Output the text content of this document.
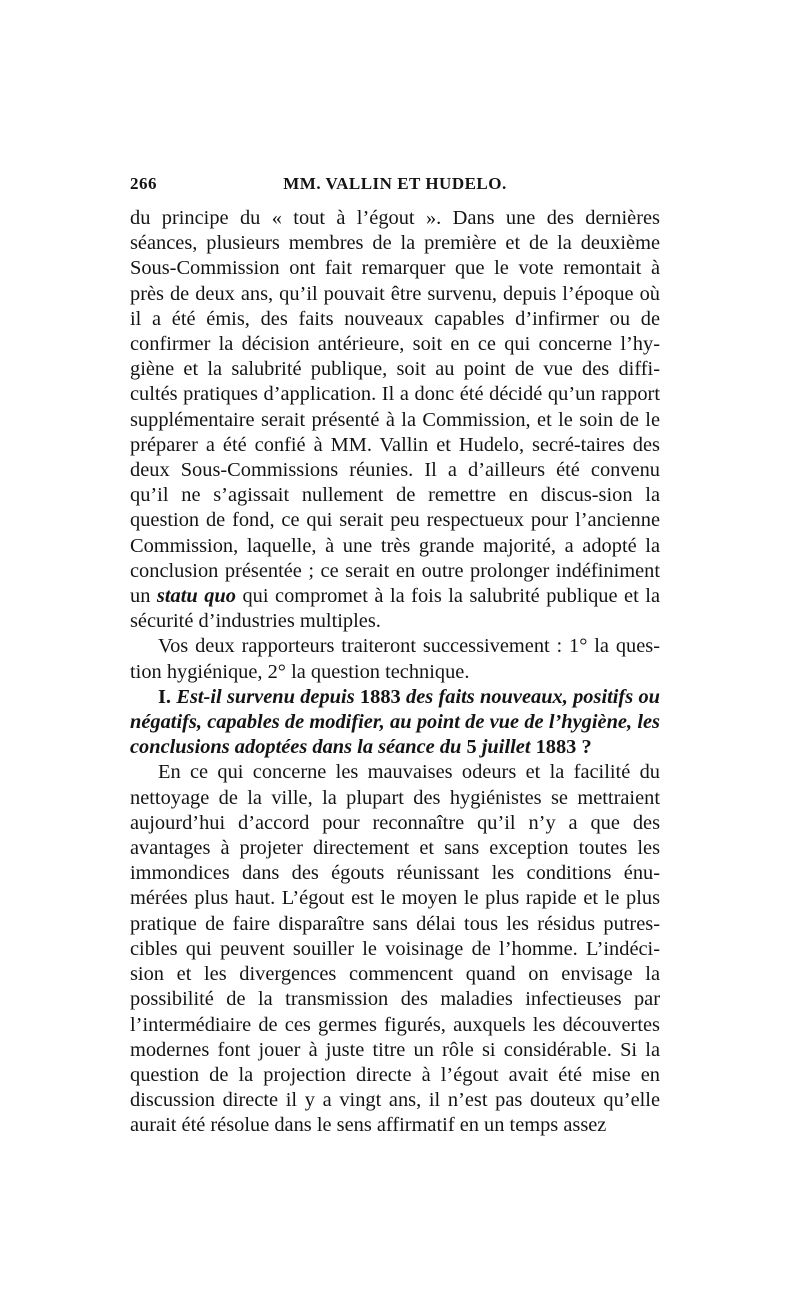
266	MM. VALLIN ET HUDELO.

du principe du « tout à l’égout ». Dans une des dernières séances, plusieurs membres de la première et de la deuxième Sous-Commission ont fait remarquer que le vote remontait à près de deux ans, qu’il pouvait être survenu, depuis l’époque où il a été émis, des faits nouveaux capables d’infirmer ou de confirmer la décision antérieure, soit en ce qui concerne l’hy-giène et la salubrité publique, soit au point de vue des diffi-cultés pratiques d’application. Il a donc été décidé qu’un rapport supplémentaire serait présenté à la Commission, et le soin de le préparer a été confié à MM. Vallin et Hudelo, secré-taires des deux Sous-Commissions réunies. Il a d’ailleurs été convenu qu’il ne s’agissait nullement de remettre en discus-sion la question de fond, ce qui serait peu respectueux pour l’ancienne Commission, laquelle, à une très grande majorité, a adopté la conclusion présentée ; ce serait en outre prolonger indéfiniment un statu quo qui compromet à la fois la salubrité publique et la sécurité d’industries multiples.

Vos deux rapporteurs traiteront successivement : 1° la ques-tion hygiénique, 2° la question technique.

I. Est-il survenu depuis 1883 des faits nouveaux, positifs ou négatifs, capables de modifier, au point de vue de l’hygiène, les conclusions adoptées dans la séance du 5 juillet 1883 ?

En ce qui concerne les mauvaises odeurs et la facilité du nettoyage de la ville, la plupart des hygiénistes se mettraient aujourd’hui d’accord pour reconnaître qu’il n’y a que des avantages à projeter directement et sans exception toutes les immondices dans des égouts réunissant les conditions énu-mérées plus haut. L’égout est le moyen le plus rapide et le plus pratique de faire disparaître sans délai tous les résidus putres-cibles qui peuvent souiller le voisinage de l’homme. L’indéci-sion et les divergences commencent quand on envisage la possibilité de la transmission des maladies infectieuses par l’intermédiaire de ces germes figurés, auxquels les découvertes modernes font jouer à juste titre un rôle si considérable. Si la question de la projection directe à l’égout avait été mise en discussion directe il y a vingt ans, il n’est pas douteux qu’elle aurait été résolue dans le sens affirmatif en un temps assez
